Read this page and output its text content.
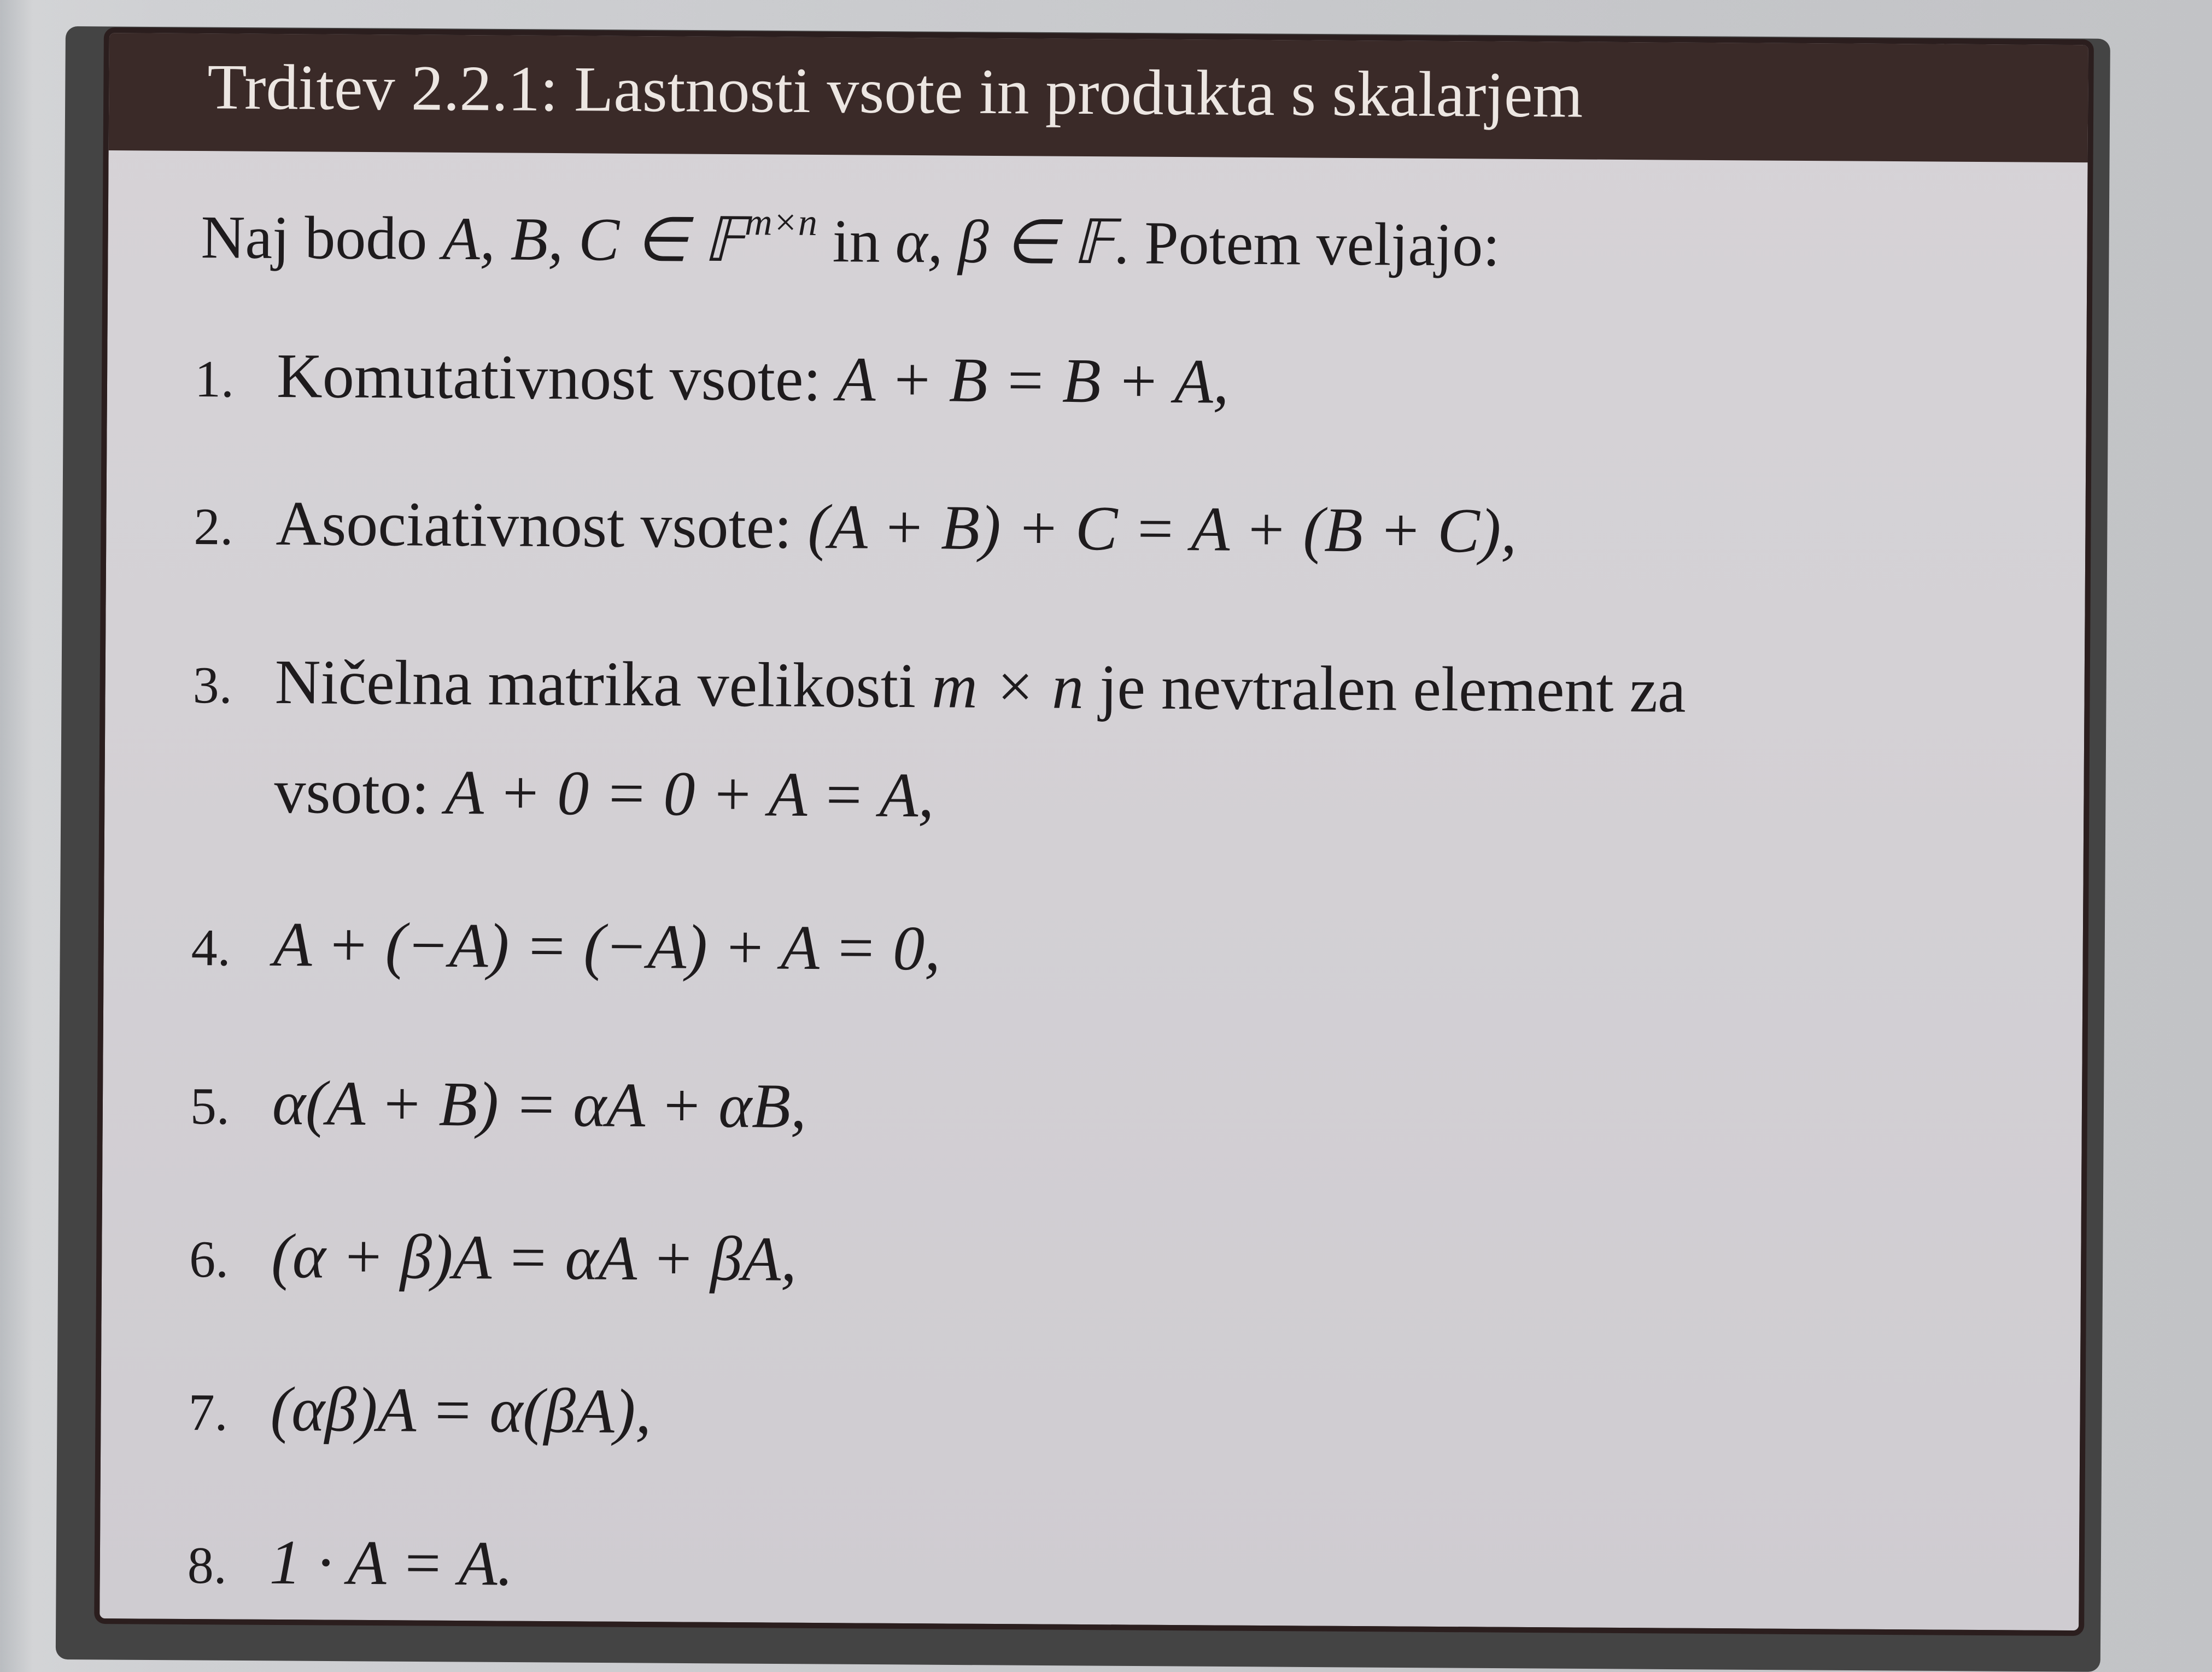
Trditev 2.2.1: Lastnosti vsote in produkta s skalarjem
Naj bodo A, B, C ∈ 𝔽$^{m\times n}$ in α, β ∈ 𝔽. Potem veljajo:
1. Komutativnost vsote: A + B = B + A,
2. Asociativnost vsote: (A + B) + C = A + (B + C),
3. Ničelna matrika velikosti m × n je nevtralen element za
vsoto: A + 0 = 0 + A = A,
4. A + (−A) = (−A) + A = 0,
5. α(A + B) = αA + αB,
6. (α + β)A = αA + βA,
7. (αβ)A = α(βA),
8. 1 · A = A.
